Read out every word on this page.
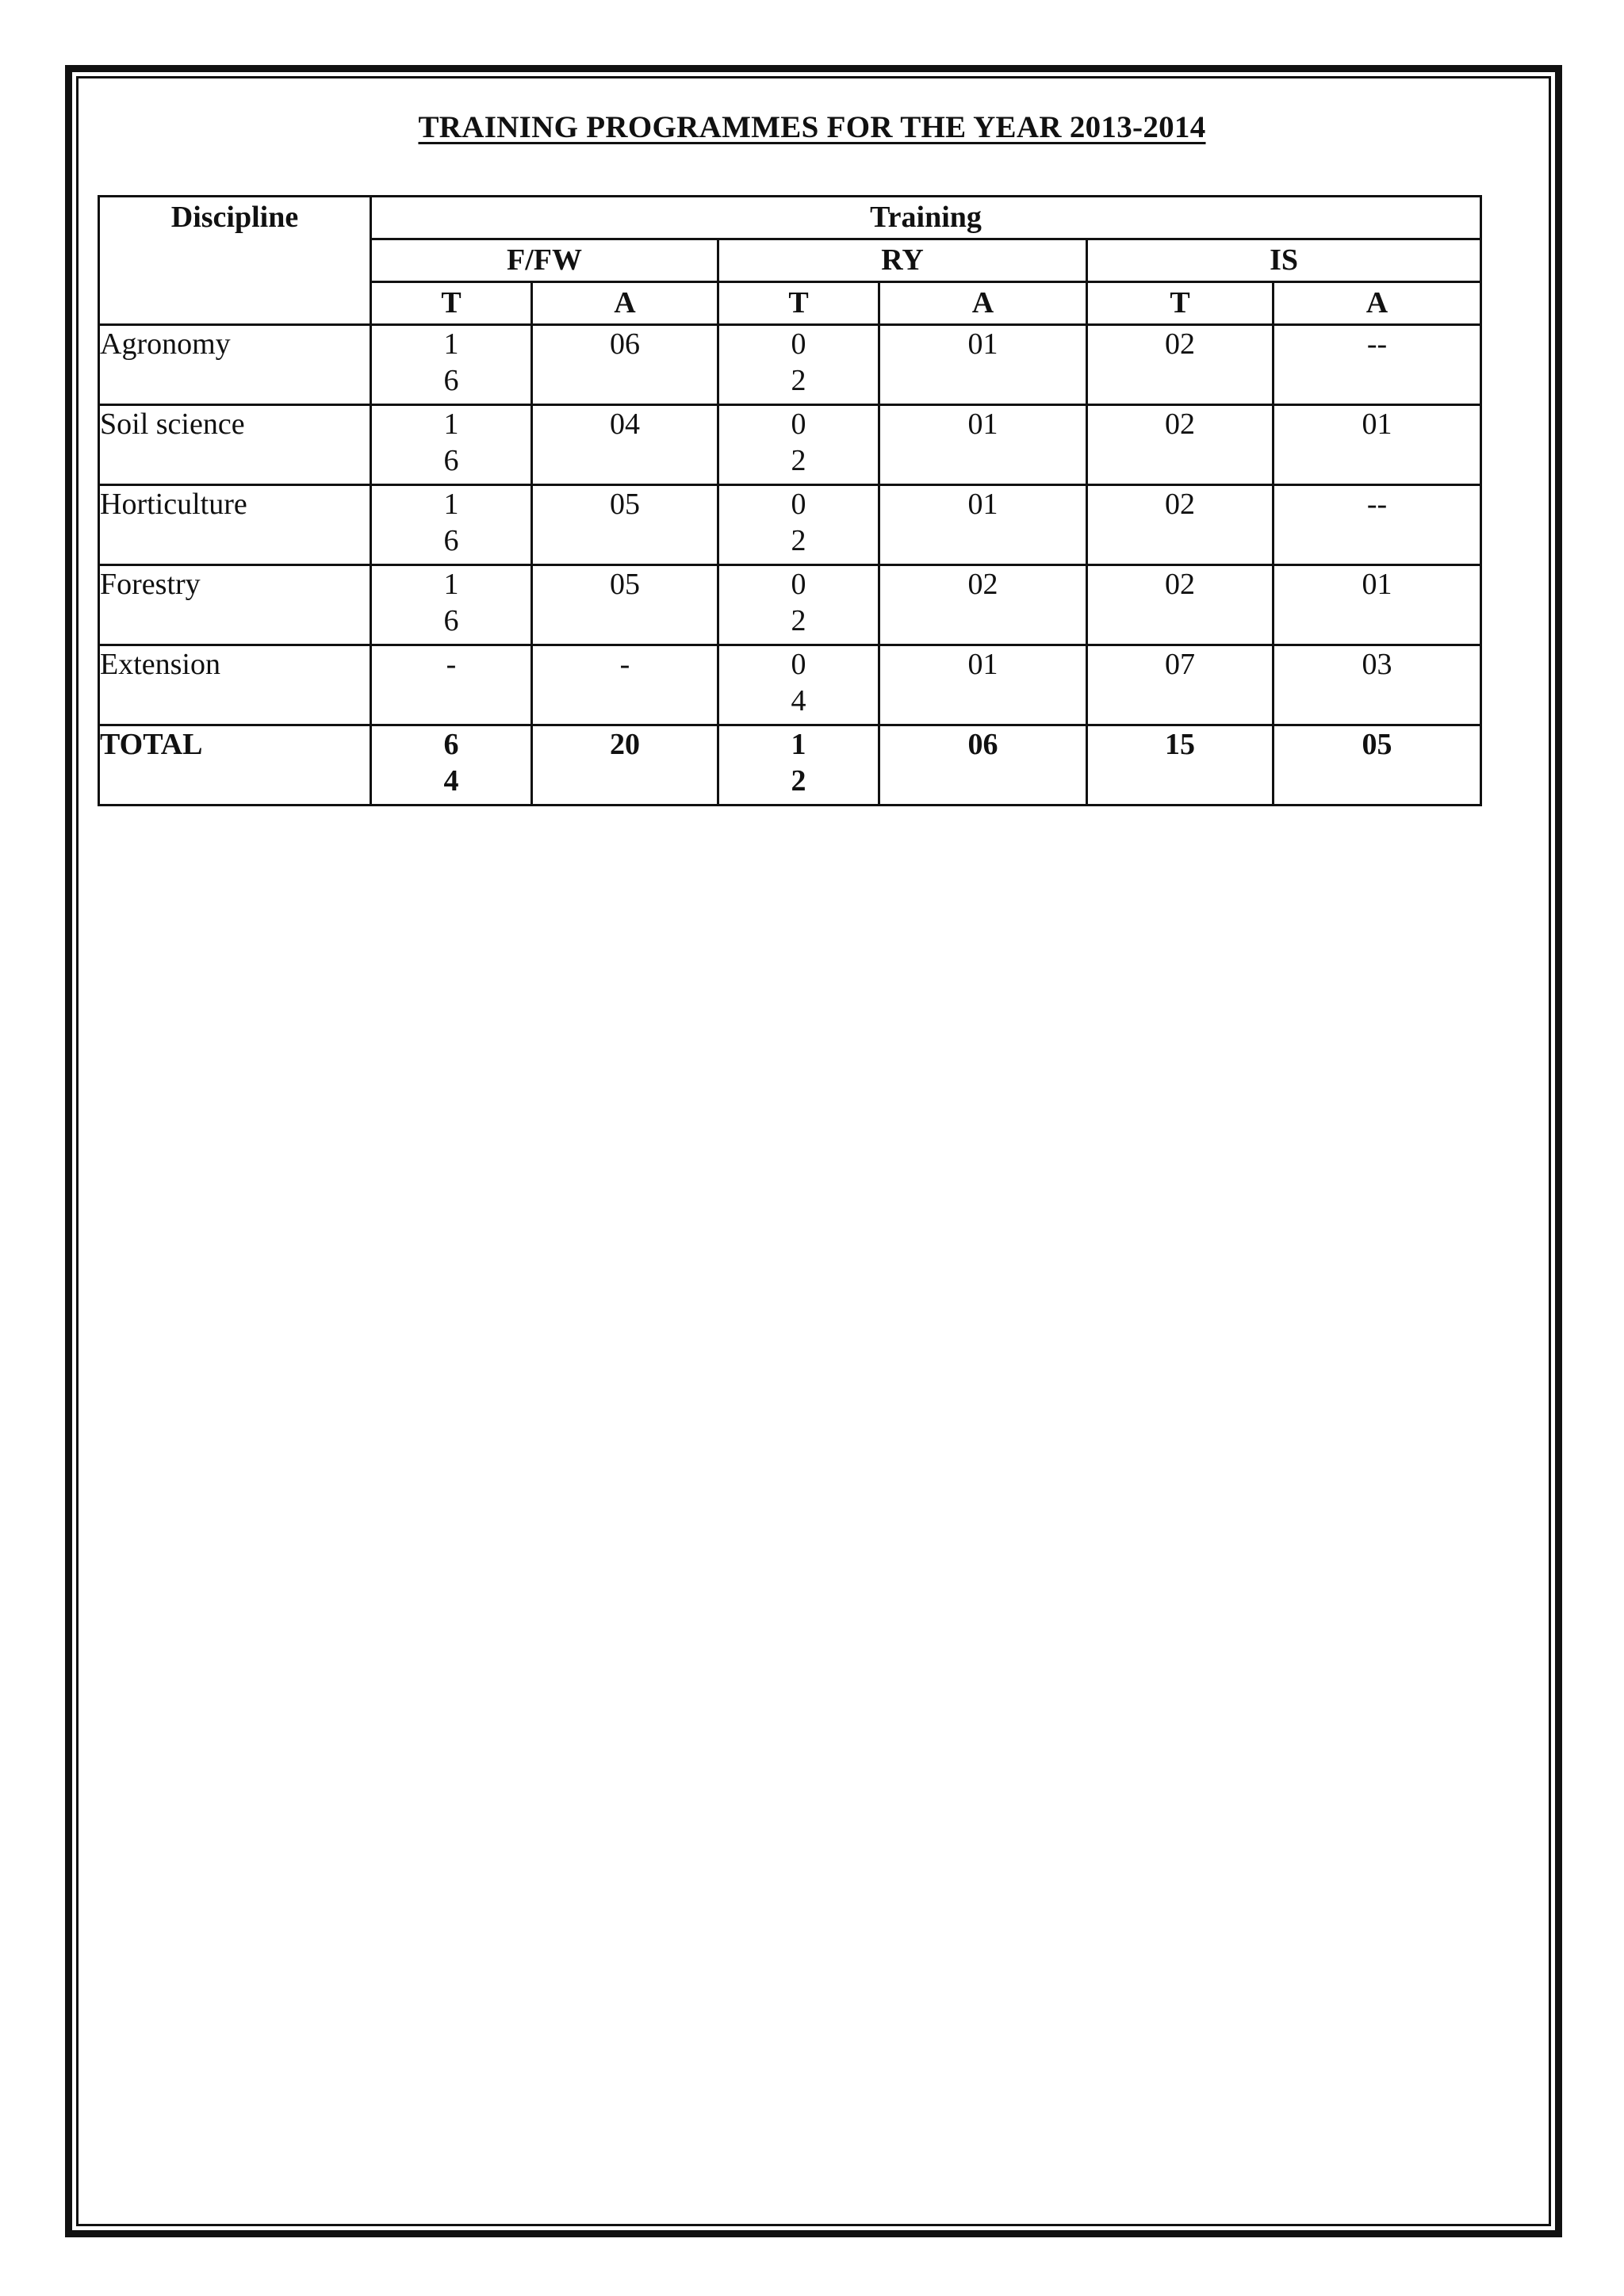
TRAINING PROGRAMMES FOR THE YEAR 2013-2014
Discipline	Training					
	F/FW		RY		IS	
	T	A	T	A	T	A
Agronomy	16	06	02	01	02	--
Soil science	16	04	02	01	02	01
Horticulture	16	05	02	01	02	--
Forestry	16	05	02	02	02	01
Extension	-	-	04	01	07	03
TOTAL	64	20	12	06	15	05
